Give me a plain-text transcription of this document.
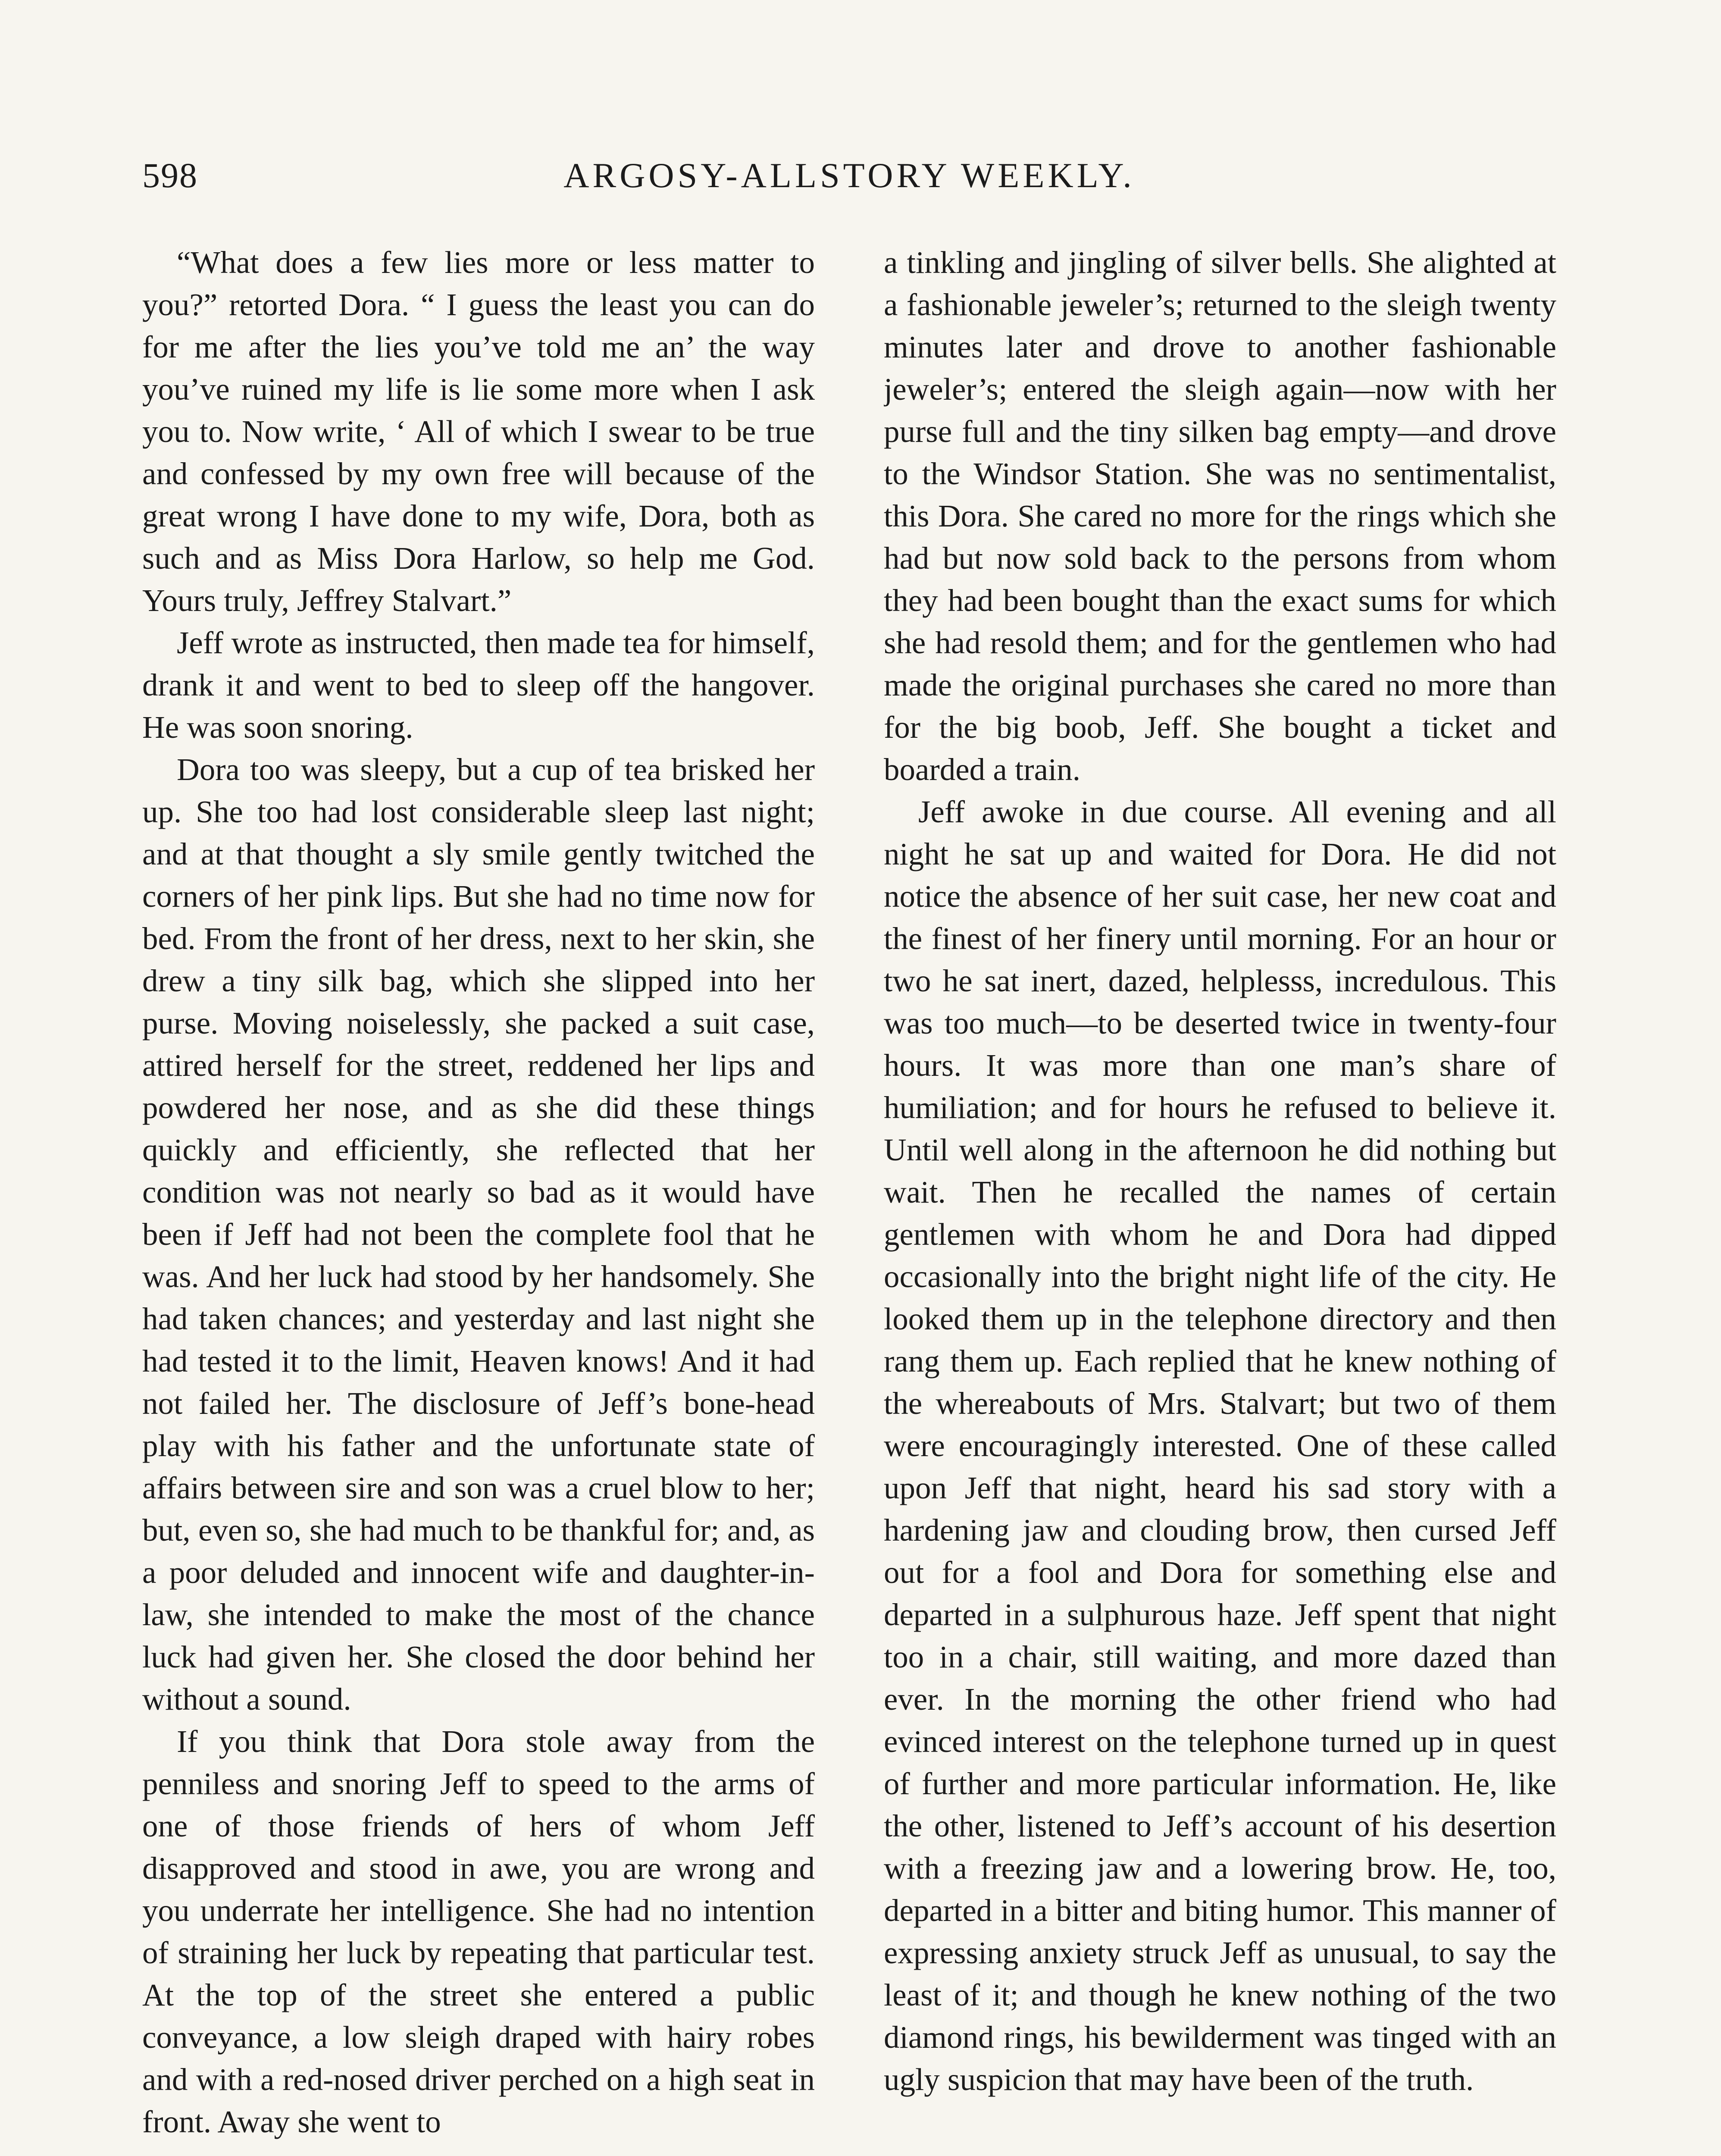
598	ARGOSY-ALLSTORY WEEKLY.

“What does a few lies more or less matter to you?” retorted Dora. “ I guess the least you can do for me after the lies you’ve told me an’ the way you’ve ruined my life is lie some more when I ask you to. Now write, ‘ All of which I swear to be true and confessed by my own free will because of the great wrong I have done to my wife, Dora, both as such and as Miss Dora Harlow, so help me God. Yours truly, Jeffrey Stalvart.”

Jeff wrote as instructed, then made tea for himself, drank it and went to bed to sleep off the hangover. He was soon snoring.

Dora too was sleepy, but a cup of tea brisked her up. She too had lost considerable sleep last night; and at that thought a sly smile gently twitched the corners of her pink lips. But she had no time now for bed. From the front of her dress, next to her skin, she drew a tiny silk bag, which she slipped into her purse. Moving noiselessly, she packed a suit case, attired herself for the street, reddened her lips and powdered her nose, and as she did these things quickly and efficiently, she reflected that her condition was not nearly so bad as it would have been if Jeff had not been the complete fool that he was. And her luck had stood by her handsomely. She had taken chances; and yesterday and last night she had tested it to the limit, Heaven knows! And it had not failed her. The disclosure of Jeff’s bone-head play with his father and the unfortunate state of affairs between sire and son was a cruel blow to her; but, even so, she had much to be thankful for; and, as a poor deluded and innocent wife and daughter-in-law, she intended to make the most of the chance luck had given her. She closed the door behind her without a sound.

If you think that Dora stole away from the penniless and snoring Jeff to speed to the arms of one of those friends of hers of whom Jeff disapproved and stood in awe, you are wrong and you underrate her intelligence. She had no intention of straining her luck by repeating that particular test. At the top of the street she entered a public conveyance, a low sleigh draped with hairy robes and with a red-nosed driver perched on a high seat in front. Away she went to

a tinkling and jingling of silver bells. She alighted at a fashionable jeweler’s; returned to the sleigh twenty minutes later and drove to another fashionable jeweler’s; entered the sleigh again—now with her purse full and the tiny silken bag empty—and drove to the Windsor Station. She was no sentimentalist, this Dora. She cared no more for the rings which she had but now sold back to the persons from whom they had been bought than the exact sums for which she had resold them; and for the gentlemen who had made the original purchases she cared no more than for the big boob, Jeff. She bought a ticket and boarded a train.

Jeff awoke in due course. All evening and all night he sat up and waited for Dora. He did not notice the absence of her suit case, her new coat and the finest of her finery until morning. For an hour or two he sat inert, dazed, helplesss, incredulous. This was too much—to be deserted twice in twenty-four hours. It was more than one man’s share of humiliation; and for hours he refused to believe it. Until well along in the afternoon he did nothing but wait. Then he recalled the names of certain gentlemen with whom he and Dora had dipped occasionally into the bright night life of the city. He looked them up in the telephone directory and then rang them up. Each replied that he knew nothing of the whereabouts of Mrs. Stalvart; but two of them were encouragingly interested. One of these called upon Jeff that night, heard his sad story with a hardening jaw and clouding brow, then cursed Jeff out for a fool and Dora for something else and departed in a sulphurous haze. Jeff spent that night too in a chair, still waiting, and more dazed than ever. In the morning the other friend who had evinced interest on the telephone turned up in quest of further and more particular information. He, like the other, listened to Jeff’s account of his desertion with a freezing jaw and a lowering brow. He, too, departed in a bitter and biting humor. This manner of expressing anxiety struck Jeff as unusual, to say the least of it; and though he knew nothing of the two diamond rings, his bewilderment was tinged with an ugly suspicion that may have been of the truth.
